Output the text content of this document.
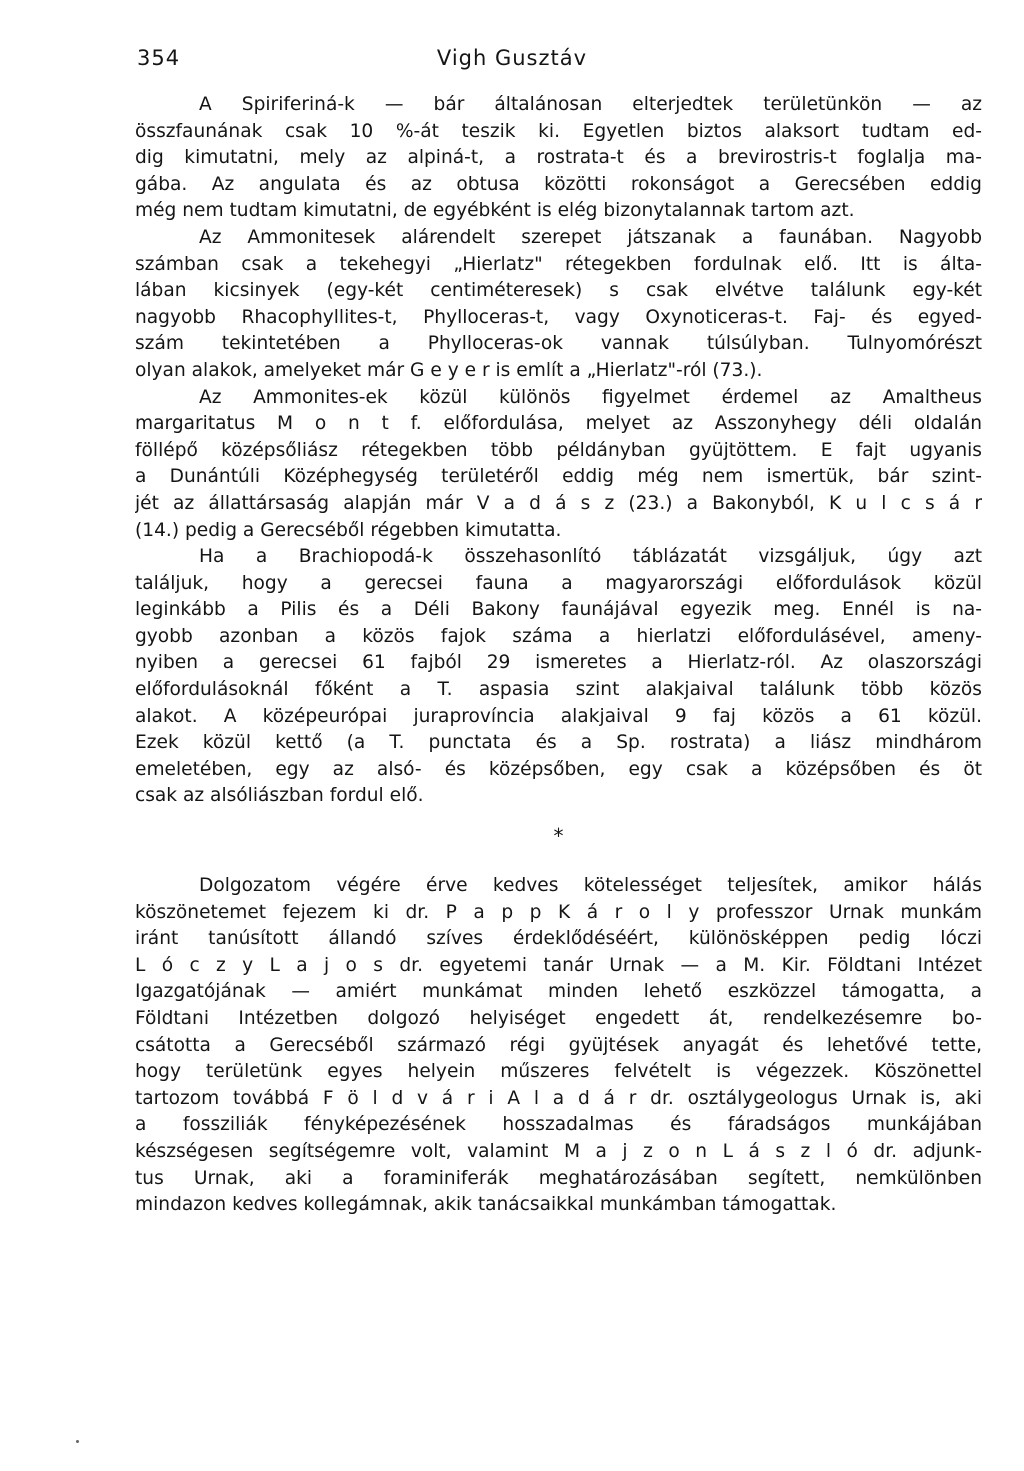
354	Vigh Gusztáv
A Spiriferiná-k — bár általánosan elterjedtek területünkön — az
összfaunának csak 10 %-át teszik ki. Egyetlen biztos alaksort tudtam ed-
dig kimutatni, mely az alpiná-t, a rostrata-t és a brevirostris-t foglalja ma-
gába. Az angulata és az obtusa közötti rokonságot a Gerecsében eddig
még nem tudtam kimutatni, de egyébként is elég bizonytalannak tartom azt.
Az Ammonitesek alárendelt szerepet játszanak a faunában. Nagyobb
számban csak a tekehegyi „Hierlatz" rétegekben fordulnak elő. Itt is álta-
lában kicsinyek (egy-két centiméteresek) s csak elvétve találunk egy-két
nagyobb Rhacophyllites-t, Phylloceras-t, vagy Oxynoticeras-t. Faj- és egyed-
szám tekintetében a Phylloceras-ok vannak túlsúlyban. Tulnyomórészt
olyan alakok, amelyeket már G e y e r is említ a „Hierlatz"-ról (73.).
Az Ammonites-ek közül különös figyelmet érdemel az Amaltheus
margaritatus M o n t f. előfordulása, melyet az Asszonyhegy déli oldalán
föllépő középsőliász rétegekben több példányban gyüjtöttem. E fajt ugyanis
a Dunántúli Középhegység területéről eddig még nem ismertük, bár szint-
jét az állattársaság alapján már V a d á s z (23.) a Bakonyból, K u l c s á r
(14.) pedig a Gerecséből régebben kimutatta.
Ha a Brachiopodá-k összehasonlító táblázatát vizsgáljuk, úgy azt
találjuk, hogy a gerecsei fauna a magyarországi előfordulások közül
leginkább a Pilis és a Déli Bakony faunájával egyezik meg. Ennél is na-
gyobb azonban a közös fajok száma a hierlatzi előfordulásével, ameny-
nyiben a gerecsei 61 fajból 29 ismeretes a Hierlatz-ról. Az olaszországi
előfordulásoknál főként a T. aspasia szint alakjaival találunk több közös
alakot. A középeurópai juraprovíncia alakjaival 9 faj közös a 61 közül.
Ezek közül kettő (a T. punctata és a Sp. rostrata) a liász mindhárom
emeletében, egy az alsó- és középsőben, egy csak a középsőben és öt
csak az alsóliászban fordul elő.
*
Dolgozatom végére érve kedves kötelességet teljesítek, amikor hálás
köszönetemet fejezem ki dr. P a p p K á r o l y professzor Urnak munkám
iránt tanúsított állandó szíves érdeklődéséért, különösképpen pedig lóczi
L ó c z y L a j o s dr. egyetemi tanár Urnak — a M. Kir. Földtani Intézet
Igazgatójának — amiért munkámat minden lehető eszközzel támogatta, a
Földtani Intézetben dolgozó helyiséget engedett át, rendelkezésemre bo-
csátotta a Gerecséből származó régi gyüjtések anyagát és lehetővé tette,
hogy területünk egyes helyein műszeres felvételt is végezzek. Köszönettel
tartozom továbbá F ö l d v á r i A l a d á r dr. osztálygeologus Urnak is, aki
a fossziliák fényképezésének hosszadalmas és fáradságos munkájában
készségesen segítségemre volt, valamint M a j z o n L á s z l ó dr. adjunk-
tus Urnak, aki a foraminiferák meghatározásában segített, nemkülönben
mindazon kedves kollegámnak, akik tanácsaikkal munkámban támogattak.
